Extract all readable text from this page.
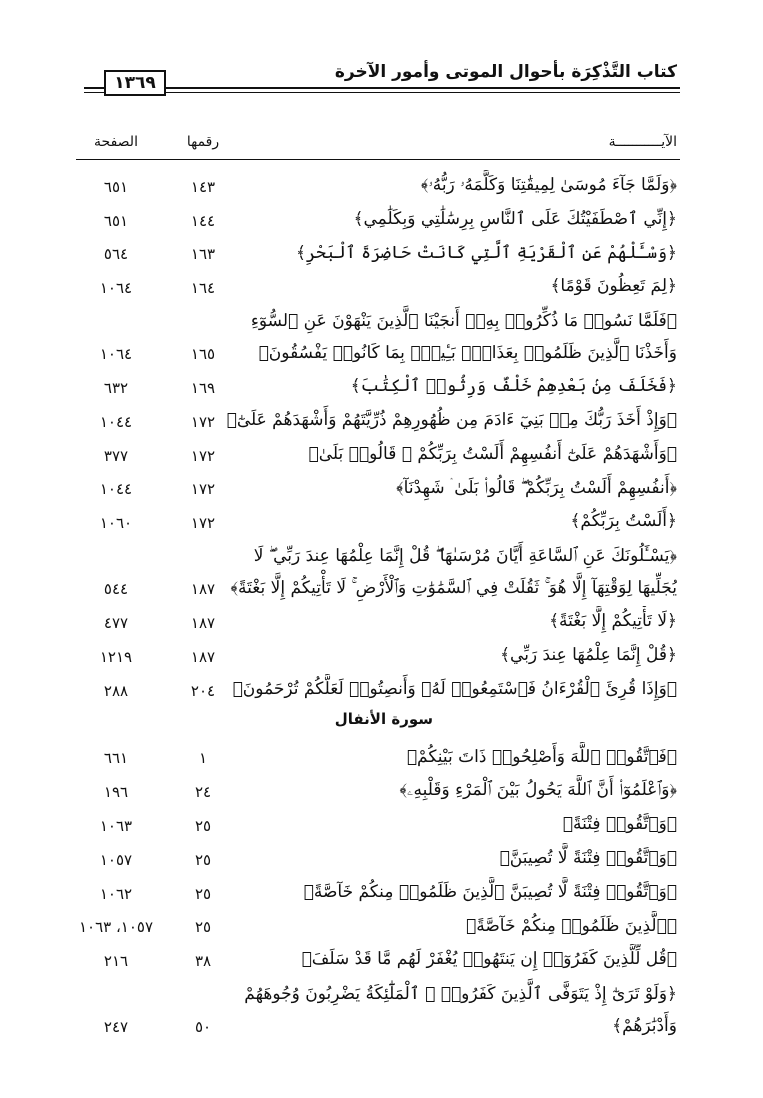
كتاب التَّذْكِرَة بأحوال الموتى وأمور الآخرة
١٣٦٩
الآيـــــــــــة
رقمها
الصفحة
﴿وَلَمَّا جَآءَ مُوسَىٰ لِمِيقَٰتِنَا وَكَلَّمَهُۥ رَبُّهُۥ﴾
١٤٣
٦٥١
﴿إِنِّي ٱصْطَفَيْتُكَ عَلَى ٱلنَّاسِ بِرِسَٰلَٰتِي وَبِكَلَٰمِي﴾
١٤٤
٦٥١
﴿وَسْـَٔلْهُمْ عَنِ ٱلْقَرْيَةِ ٱلَّتِي كَانَتْ حَاضِرَةَ ٱلْبَحْرِ﴾
١٦٣
٥٦٤
﴿لِمَ تَعِظُونَ قَوْمًا﴾
١٦٤
١٠٦٤
﴿فَلَمَّا نَسُوا۟ مَا ذُكِّرُوا۟ بِهِۦٓ أَنجَيْنَا ٱلَّذِينَ يَنْهَوْنَ عَنِ ٱلسُّوٓءِ وَأَخَذْنَا ٱلَّذِينَ ظَلَمُوا۟ بِعَذَابٍۭ بَـِٔيسٍۭ بِمَا كَانُوا۟ يَفْسُقُونَ﴾
١٦٥
١٠٦٤
﴿فَخَلَفَ مِنۢ بَعْدِهِمْ خَلْفٌ وَرِثُوا۟ ٱلْكِتَٰبَ﴾
١٦٩
٦٣٢
﴿وَإِذْ أَخَذَ رَبُّكَ مِنۢ بَنِيٓ ءَادَمَ مِن ظُهُورِهِمْ ذُرِّيَّتَهُمْ وَأَشْهَدَهُمْ عَلَىٰٓ﴾
١٧٢
١٠٤٤
﴿وَأَشْهَدَهُمْ عَلَىٰٓ أَنفُسِهِمْ أَلَسْتُ بِرَبِّكُمْ ۖ قَالُوا۟ بَلَىٰ﴾
١٧٢
٣٧٧
﴿أَنفُسِهِمْ أَلَسْتُ بِرَبِّكُمْ ۖ قَالُوا۟ بَلَىٰ ۛ شَهِدْنَآ﴾
١٧٢
١٠٤٤
﴿أَلَسْتُ بِرَبِّكُمْ﴾
١٧٢
١٠٦٠
﴿يَسْـَٔلُونَكَ عَنِ ٱلسَّاعَةِ أَيَّانَ مُرْسَىٰهَا ۖ قُلْ إِنَّمَا عِلْمُهَا عِندَ رَبِّي ۖ لَا يُجَلِّيهَا لِوَقْتِهَآ إِلَّا هُوَ ۚ ثَقُلَتْ فِي ٱلسَّمَٰوَٰتِ وَٱلْأَرْضِ ۚ لَا تَأْتِيكُمْ إِلَّا بَغْتَةً﴾
١٨٧
٥٤٤
﴿لَا تَأْتِيكُمْ إِلَّا بَغْتَةً﴾
١٨٧
٤٧٧
﴿قُلْ إِنَّمَا عِلْمُهَا عِندَ رَبِّي﴾
١٨٧
١٢١٩
﴿وَإِذَا قُرِئَ ٱلْقُرْءَانُ فَٱسْتَمِعُوا۟ لَهُۥ وَأَنصِتُوا۟ لَعَلَّكُمْ تُرْحَمُونَ﴾
٢٠٤
٢٨٨
سورة الأنفال
﴿فَٱتَّقُوا۟ ٱللَّهَ وَأَصْلِحُوا۟ ذَاتَ بَيْنِكُمْ﴾
١
٦٦١
﴿وَٱعْلَمُوٓا۟ أَنَّ ٱللَّهَ يَحُولُ بَيْنَ ٱلْمَرْءِ وَقَلْبِهِۦ﴾
٢٤
١٩٦
﴿وَٱتَّقُوا۟ فِتْنَةً﴾
٢٥
١٠٦٣
﴿وَٱتَّقُوا۟ فِتْنَةً لَّا تُصِيبَنَّ﴾
٢٥
١٠٥٧
﴿وَٱتَّقُوا۟ فِتْنَةً لَّا تُصِيبَنَّ ٱلَّذِينَ ظَلَمُوا۟ مِنكُمْ خَآصَّةً﴾
٢٥
١٠٦٢
﴿ٱلَّذِينَ ظَلَمُوا۟ مِنكُمْ خَآصَّةً﴾
٢٥
١٠٥٧، ١٠٦٣
﴿قُل لِّلَّذِينَ كَفَرُوٓا۟ إِن يَنتَهُوا۟ يُغْفَرْ لَهُم مَّا قَدْ سَلَفَ﴾
٣٨
٢١٦
﴿وَلَوْ تَرَىٰٓ إِذْ يَتَوَفَّى ٱلَّذِينَ كَفَرُوا۟ ۙ ٱلْمَلَٰٓئِكَةُ يَضْرِبُونَ وُجُوهَهُمْ وَأَدْبَٰرَهُمْ﴾
٥٠
٢٤٧
